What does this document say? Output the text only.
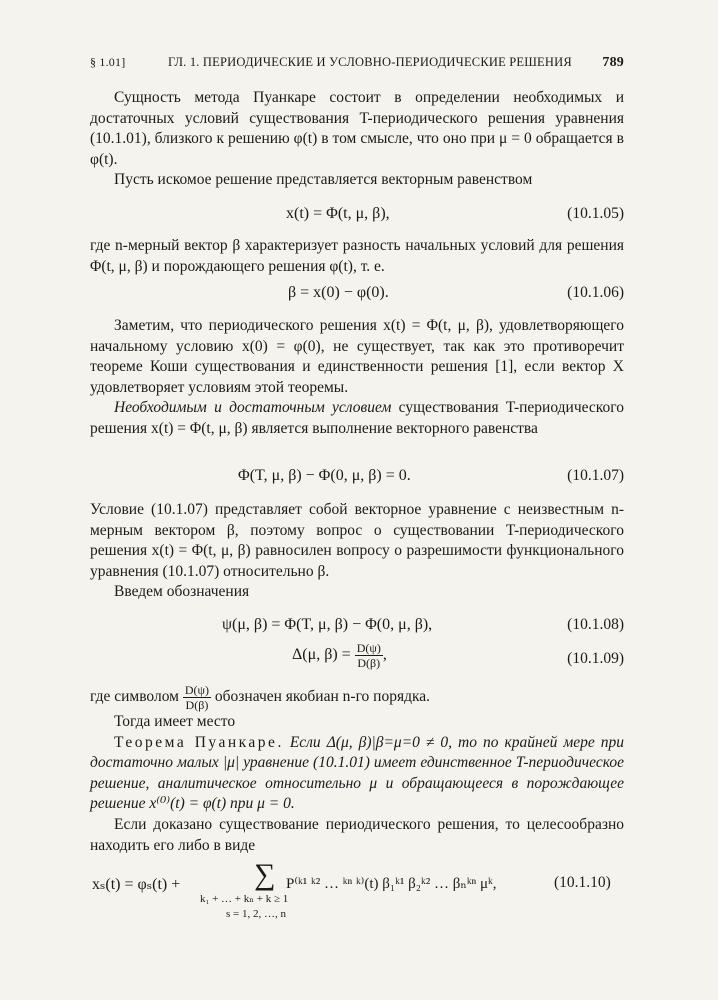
§ 1.01]	ГЛ. 1. ПЕРИОДИЧЕСКИЕ И УСЛОВНО-ПЕРИОДИЧЕСКИЕ РЕШЕНИЯ 789

Сущность метода Пуанкаре состоит в определении необходимых и достаточных условий существования T-периодического решения уравнения (10.1.01), близкого к решению φ(t) в том смысле, что оно при μ = 0 обращается в φ(t).

Пусть искомое решение представляется векторным равенством

x(t) = Φ(t, μ, β),	(10.1.05)

где n-мерный вектор β характеризует разность начальных условий для решения Φ(t, μ, β) и порождающего решения φ(t), т. е.

β = x(0) − φ(0).	(10.1.06)

Заметим, что периодического решения x(t) = Φ(t, μ, β), удовлетворяющего начальному условию x(0) = φ(0), не существует, так как это противоречит теореме Коши существования и единственности решения [1], если вектор X удовлетворяет условиям этой теоремы.

Необходимым и достаточным условием существования T-периодического решения x(t) = Φ(t, μ, β) является выполнение векторного равенства

Φ(T, μ, β) − Φ(0, μ, β) = 0.	(10.1.07)

Условие (10.1.07) представляет собой векторное уравнение с неизвестным n-мерным вектором β, поэтому вопрос о существовании T-периодического решения x(t) = Φ(t, μ, β) равносилен вопросу о разрешимости функционального уравнения (10.1.07) относительно β.

Введем обозначения

ψ(μ, β) = Φ(T, μ, β) − Φ(0, μ, β),	(10.1.08)
Δ(μ, $\beta) = \frac{D(\psi)}{D(\beta)}$ ,	(10.1.09)

где символом $\frac{D(\psi)}{D(\beta)}$ обозначен якобиан n-го порядка.

Тогда имеет место

Теорема Пуанкаре. Если Δ(μ, β)|β=μ=0 ≠ 0, то по крайней мере при достаточно малых |μ| уравнение (10.1.01) имеет единственное T-периодическое решение, аналитическое относительно μ и обращающееся в порождающее решение x⁽⁰⁾(t) = φ(t) при μ = 0.

Если доказано существование периодического решения, то целесообразно находить его либо в виде

xₛ(t) = φₛ(t) + ∑
k₁ + … + kₙ + k ≥ 1
s = 1, 2, …, n
P⁽ᵏ¹ ᵏ² … ᵏⁿ ᵏ⁾(t) β₁ᵏ¹ β₂ᵏ² … βₙᵏⁿ μᵏ,	(10.1.10)
